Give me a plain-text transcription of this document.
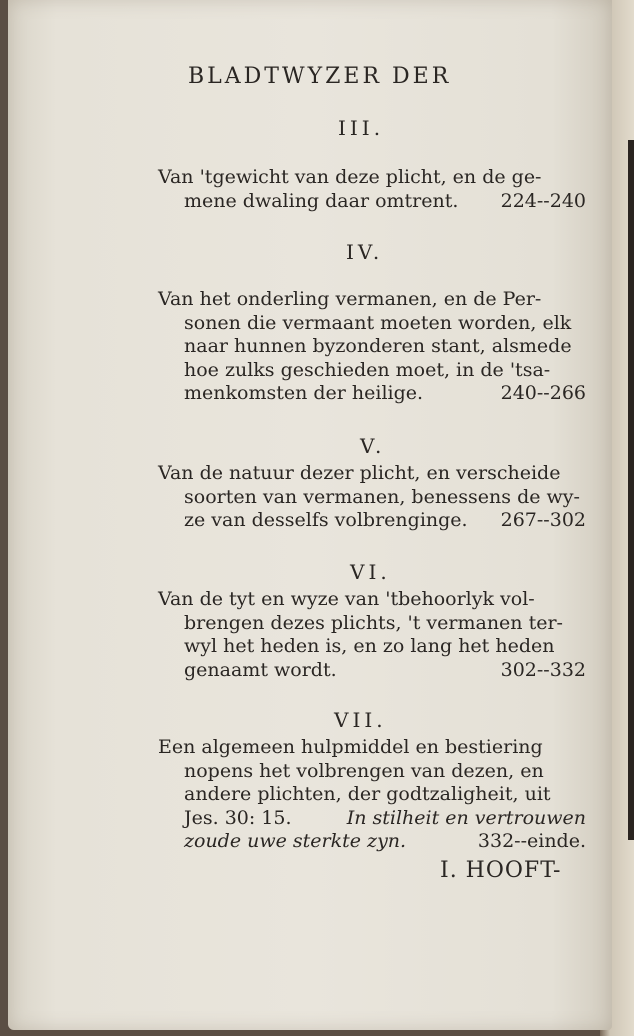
BLADTWYZER DER
III.
Van 'tgewicht van deze plicht, en de ge-
mene dwaling daar omtrent. 224--240
IV.
Van het onderling vermanen, en de Per-
sonen die vermaant moeten worden, elk
naar hunnen byzonderen stant, alsmede
hoe zulks geschieden moet, in de 'tsa-
menkomsten der heilige.	240--266
V.
Van de natuur dezer plicht, en verscheide
soorten van vermanen, benessens de wy-
ze van desselfs volbrenginge. 267--302
VI.
Van de tyt en wyze van 'tbehoorlyk vol-
brengen dezes plichts, 't vermanen ter-
wyl het heden is, en zo lang het heden
genaamt wordt.	302--332
VII.
Een algemeen hulpmiddel en bestiering
nopens het volbrengen van dezen, en
andere plichten, der godtzaligheit, uit
Jes. 30: 15.	In stilheit en vertrouwen
zoude uwe sterkte zyn.	332--einde.
I. HOOFT-
